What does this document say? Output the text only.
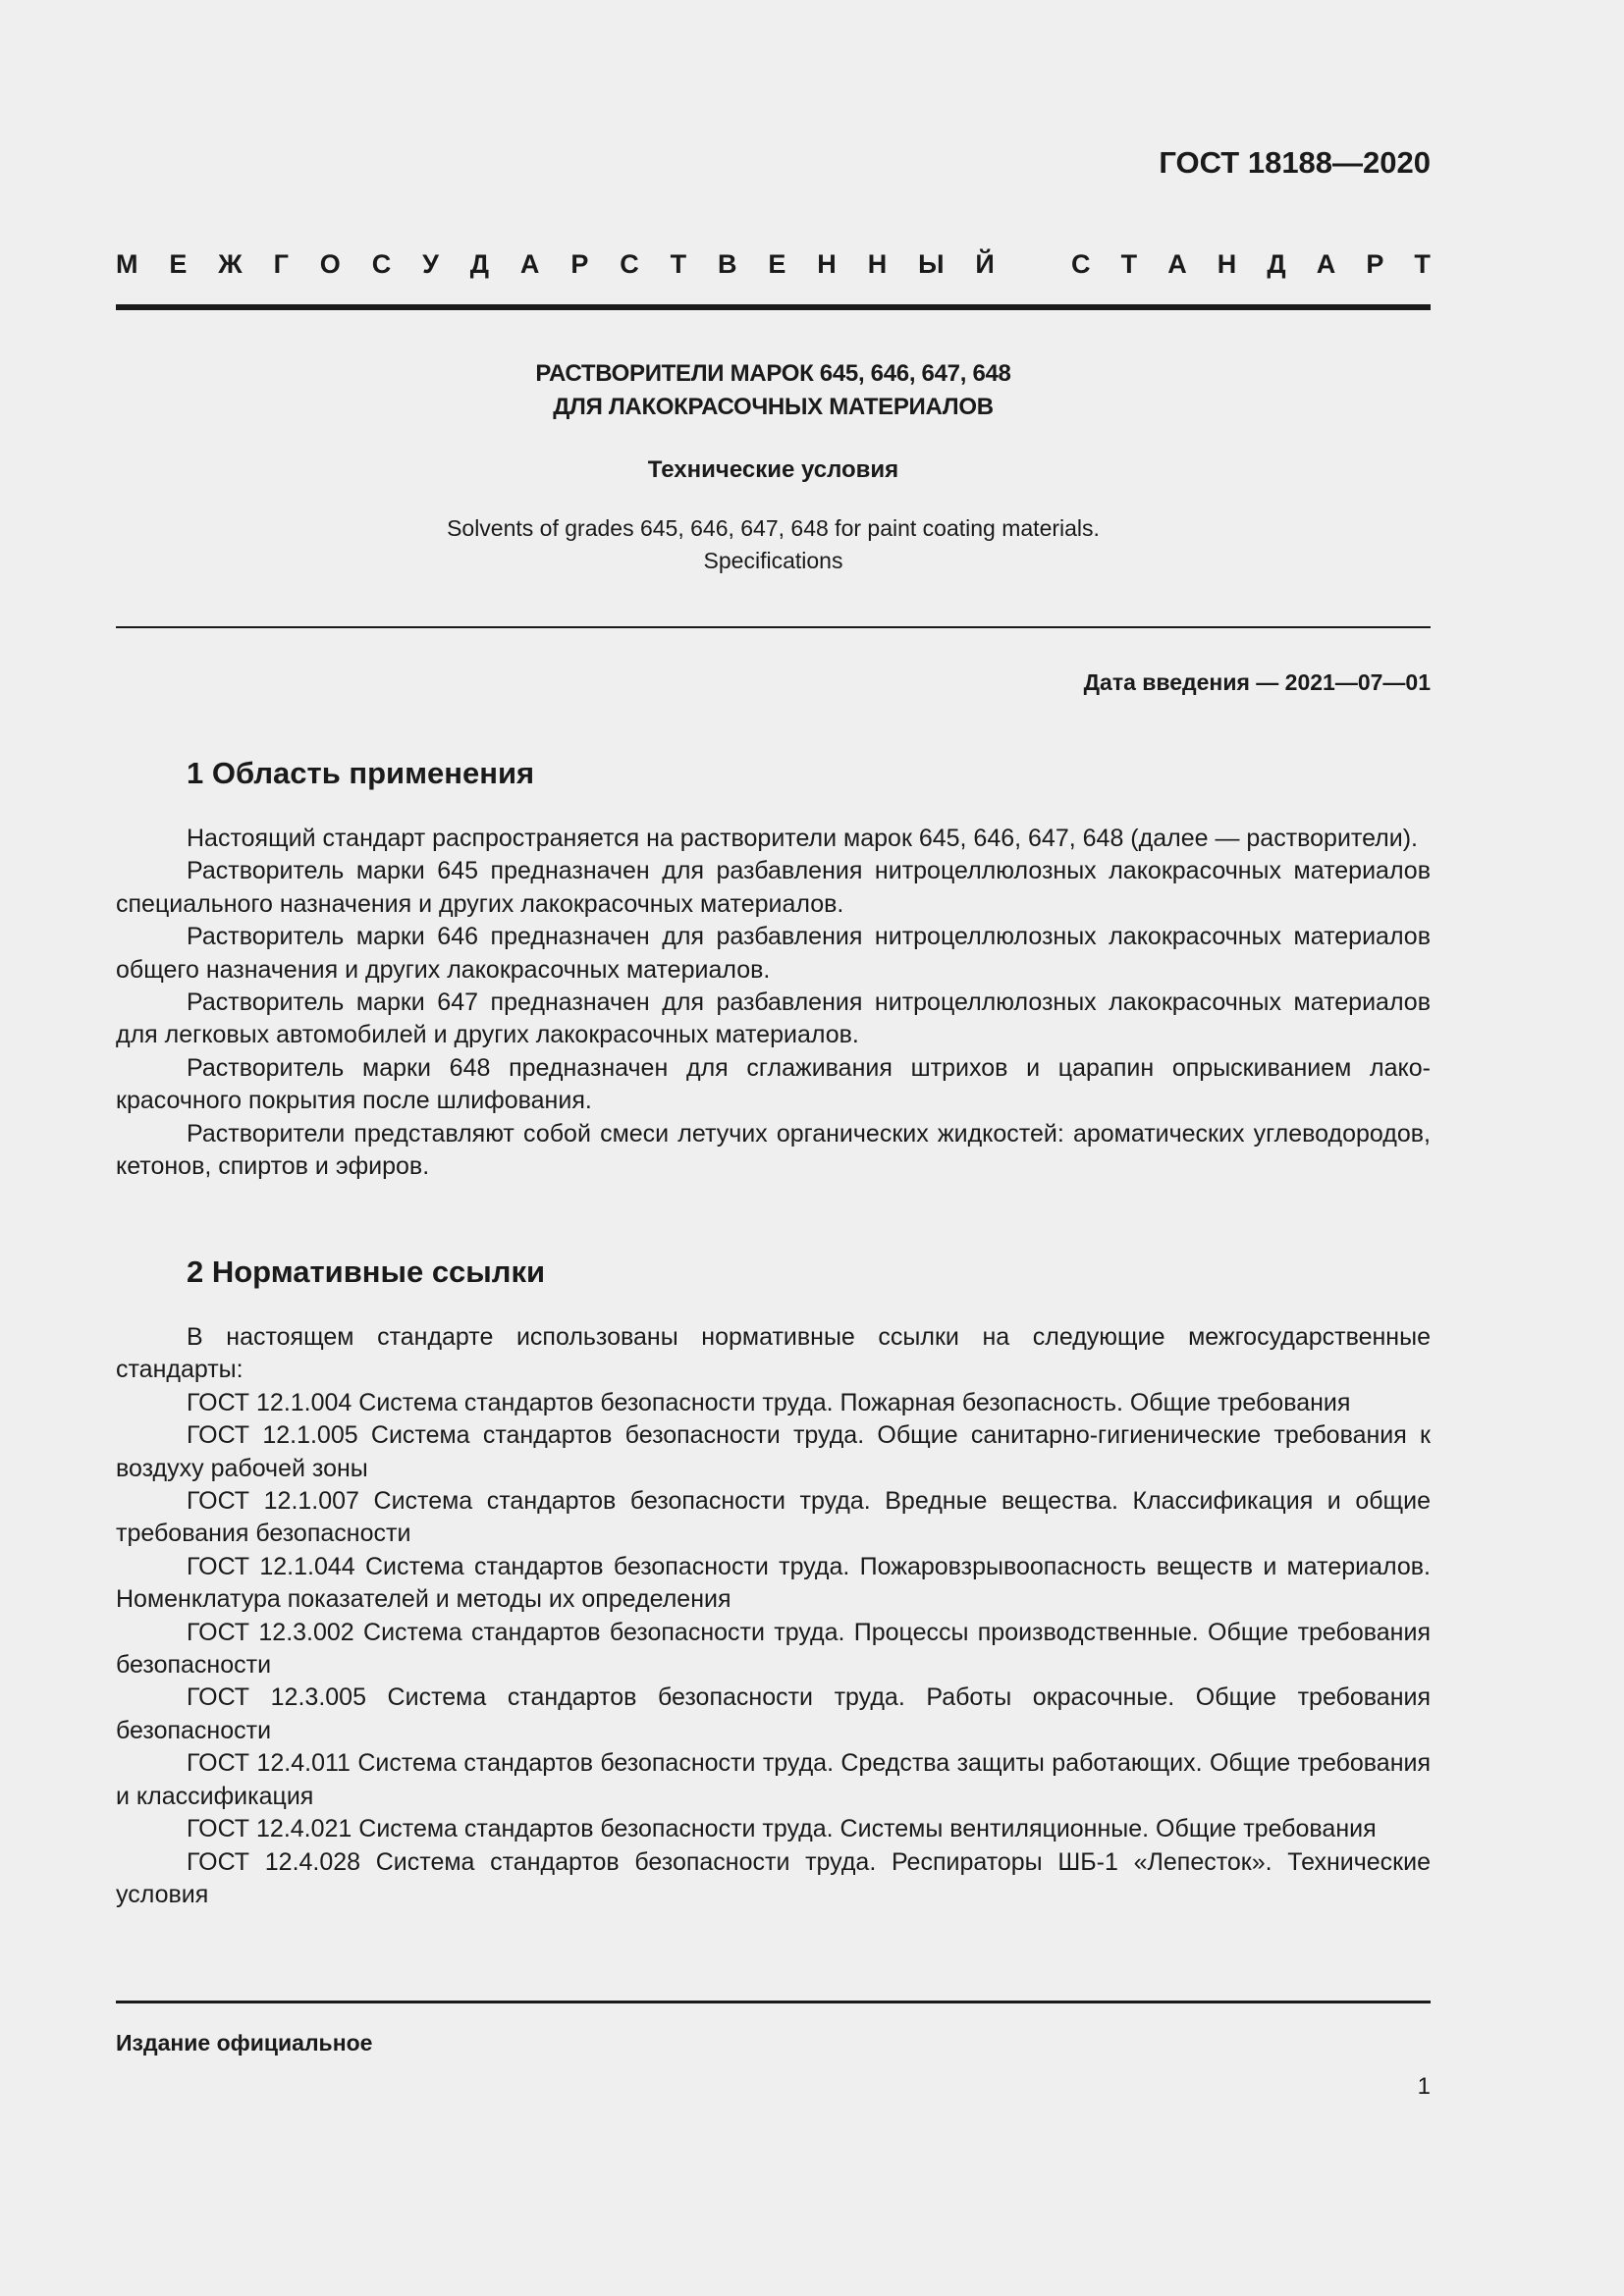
ГОСТ 18188—2020
М Е Ж Г О С У Д А Р С Т В Е Н Н Ы Й	С Т А Н Д А Р Т
РАСТВОРИТЕЛИ МАРОК 645, 646, 647, 648
ДЛЯ ЛАКОКРАСОЧНЫХ МАТЕРИАЛОВ
Технические условия
Solvents of grades 645, 646, 647, 648 for paint coating materials.
Specifications
Дата введения — 2021—07—01
1 Область применения

Настоящий стандарт распространяется на растворители марок 645, 646, 647, 648 (далее — растворители).

Растворитель марки 645 предназначен для разбавления нитроцеллюлозных лакокрасочных материалов специального назначения и других лакокрасочных материалов.

Растворитель марки 646 предназначен для разбавления нитроцеллюлозных лакокрасочных материалов общего назначения и других лакокрасочных материалов.

Растворитель марки 647 предназначен для разбавления нитроцеллюлозных лакокрасочных материалов для легковых автомобилей и других лакокрасочных материалов.

Растворитель марки 648 предназначен для сглаживания штрихов и царапин опрыскиванием лакокрасочного покрытия после шлифования.

Растворители представляют собой смеси летучих органических жидкостей: ароматических углеводородов, кетонов, спиртов и эфиров.

2 Нормативные ссылки

В настоящем стандарте использованы нормативные ссылки на следующие межгосударственные стандарты:

ГОСТ 12.1.004 Система стандартов безопасности труда. Пожарная безопасность. Общие требования

ГОСТ 12.1.005 Система стандартов безопасности труда. Общие санитарно-гигиенические требования к воздуху рабочей зоны

ГОСТ 12.1.007 Система стандартов безопасности труда. Вредные вещества. Классификация и общие требования безопасности

ГОСТ 12.1.044 Система стандартов безопасности труда. Пожаровзрывоопасность веществ и материалов. Номенклатура показателей и методы их определения

ГОСТ 12.3.002 Система стандартов безопасности труда. Процессы производственные. Общие требования безопасности

ГОСТ 12.3.005 Система стандартов безопасности труда. Работы окрасочные. Общие требования безопасности

ГОСТ 12.4.011 Система стандартов безопасности труда. Средства защиты работающих. Общие требования и классификация

ГОСТ 12.4.021 Система стандартов безопасности труда. Системы вентиляционные. Общие требования

ГОСТ 12.4.028 Система стандартов безопасности труда. Респираторы ШБ-1 «Лепесток». Технические условия

Издание официальное
1
